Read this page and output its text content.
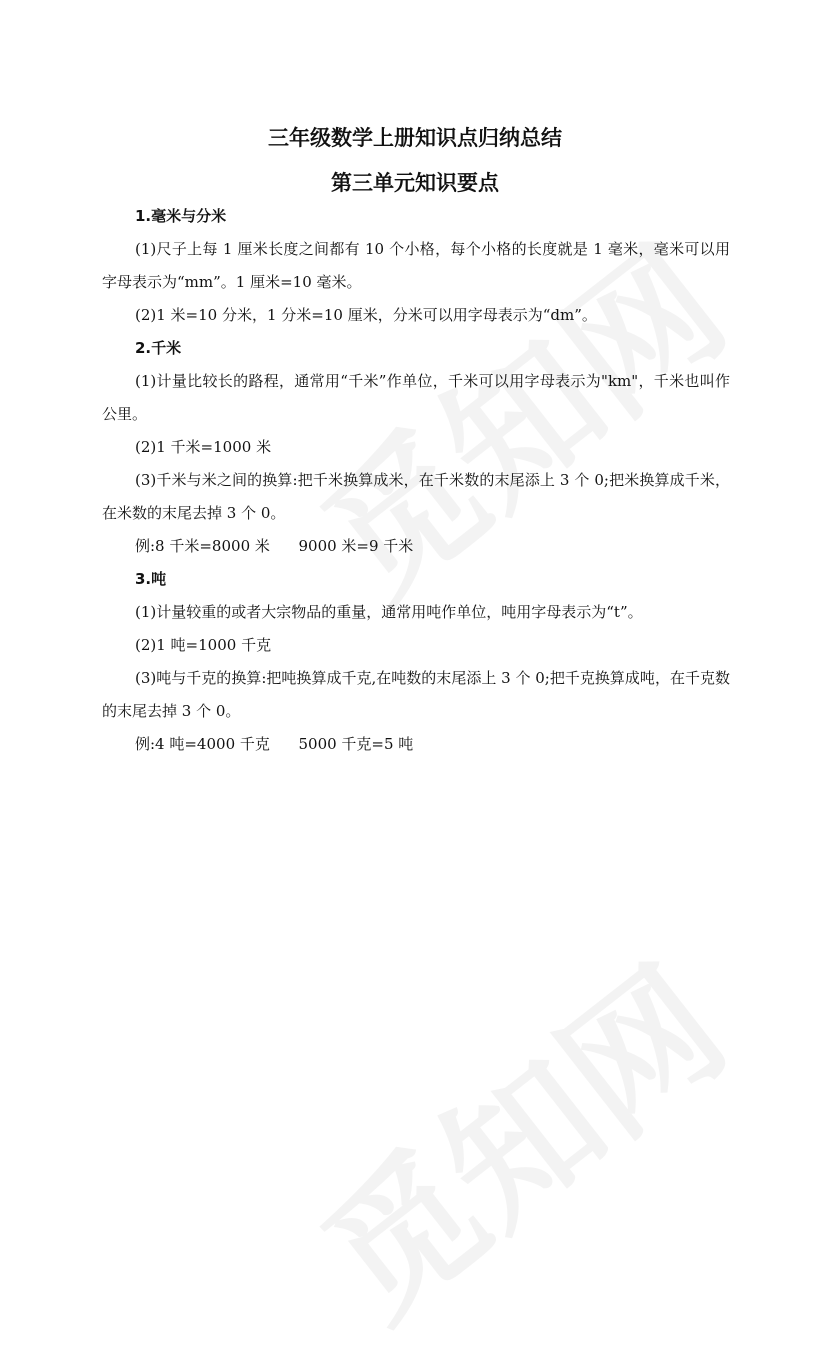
三年级数学上册知识点归纳总结
第三单元知识要点
1.毫米与分米

(1)尺子上每 1 厘米长度之间都有 10 个小格，每个小格的长度就是 1 毫米，毫米可以用字母表示为“mm”。1 厘米=10 毫米。

(2)1 米=10 分米，1 分米=10 厘米，分米可以用字母表示为“dm”。

2.千米

(1)计量比较长的路程，通常用“千米”作单位，千米可以用字母表示为"km"，千米也叫作公里。

(2)1 千米=1000 米

(3)千米与米之间的换算:把千米换算成米，在千米数的末尾添上 3 个 0;把米换算成千米，在米数的末尾去掉 3 个 0。

例:8 千米=8000 米      9000 米=9 千米

3.吨

(1)计量较重的或者大宗物品的重量，通常用吨作单位，吨用字母表示为“t”。

(2)1 吨=1000 千克

(3)吨与千克的换算:把吨换算成千克,在吨数的末尾添上 3 个 0;把千克换算成吨，在千克数的末尾去掉 3 个 0。

例:4 吨=4000 千克      5000 千克=5 吨
